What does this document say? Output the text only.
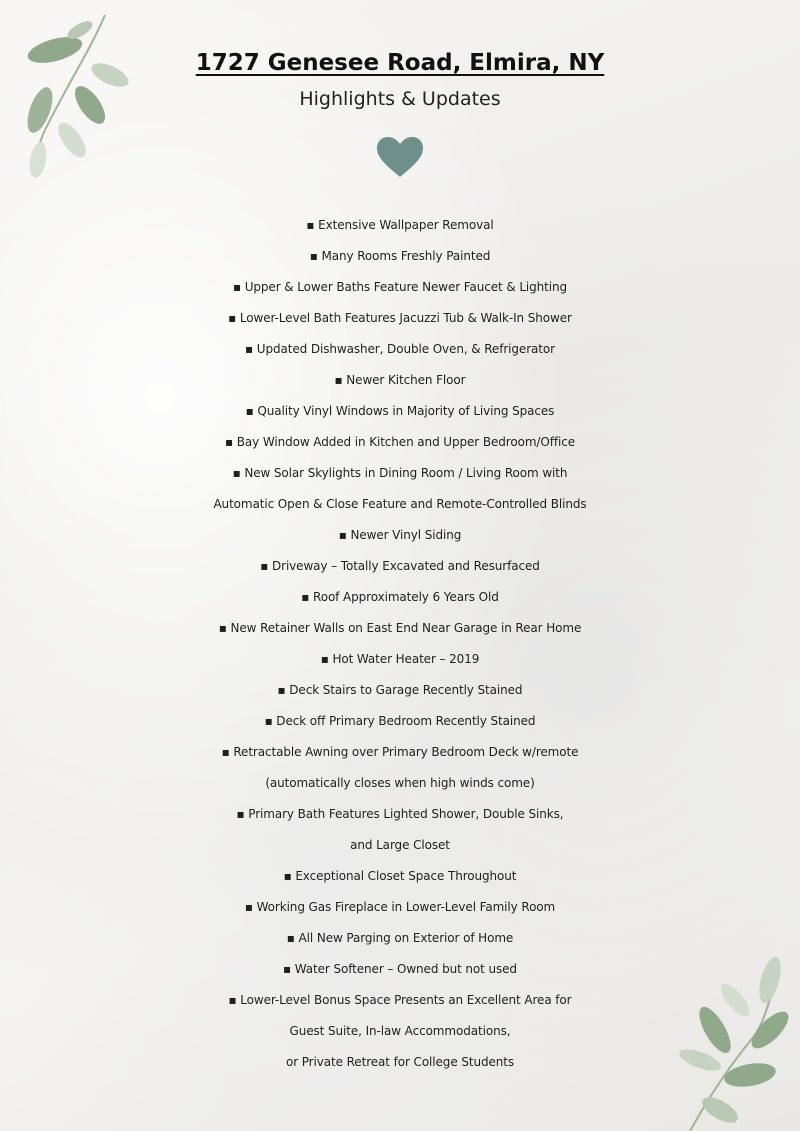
1727 Genesee Road, Elmira, NY
Highlights & Updates
▪ Extensive Wallpaper Removal
▪ Many Rooms Freshly Painted
▪ Upper & Lower Baths Feature Newer Faucet & Lighting
▪ Lower-Level Bath Features Jacuzzi Tub & Walk-In Shower
▪ Updated Dishwasher, Double Oven, & Refrigerator
▪ Newer Kitchen Floor
▪ Quality Vinyl Windows in Majority of Living Spaces
▪ Bay Window Added in Kitchen and Upper Bedroom/Office
▪ New Solar Skylights in Dining Room / Living Room with
Automatic Open & Close Feature and Remote-Controlled Blinds
▪ Newer Vinyl Siding
▪ Driveway – Totally Excavated and Resurfaced
▪ Roof Approximately 6 Years Old
▪ New Retainer Walls on East End Near Garage in Rear Home
▪ Hot Water Heater – 2019
▪ Deck Stairs to Garage Recently Stained
▪ Deck off Primary Bedroom Recently Stained
▪ Retractable Awning over Primary Bedroom Deck w/remote
(automatically closes when high winds come)
▪ Primary Bath Features Lighted Shower, Double Sinks,
and Large Closet
▪ Exceptional Closet Space Throughout
▪ Working Gas Fireplace in Lower-Level Family Room
▪ All New Parging on Exterior of Home
▪ Water Softener – Owned but not used
▪ Lower-Level Bonus Space Presents an Excellent Area for
Guest Suite, In-law Accommodations,
or Private Retreat for College Students
